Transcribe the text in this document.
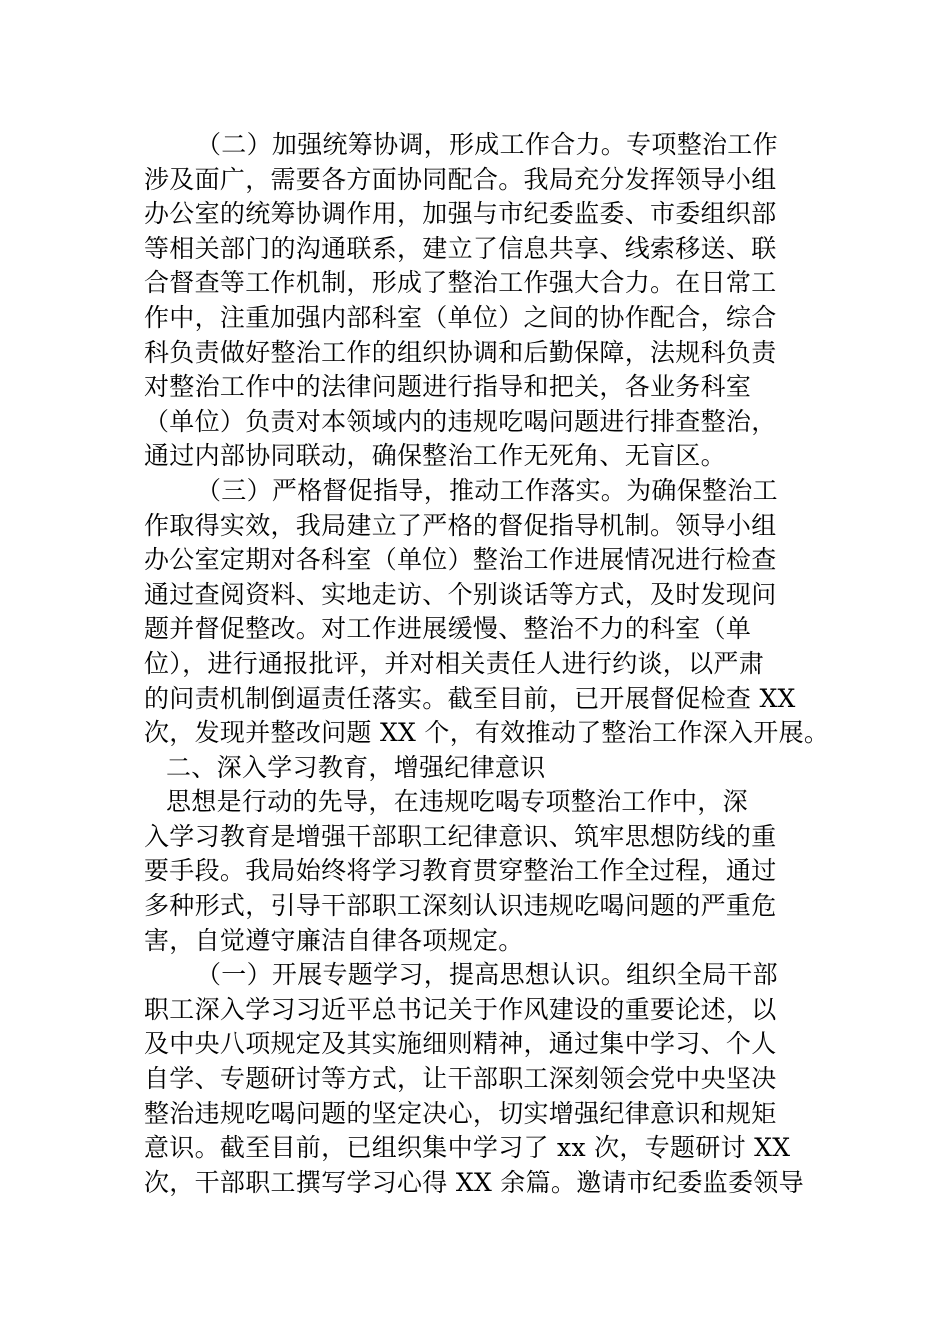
（二）加强统筹协调，形成工作合力。专项整治工作
涉及面广，需要各方面协同配合。我局充分发挥领导小组
办公室的统筹协调作用，加强与市纪委监委、市委组织部
等相关部门的沟通联系，建立了信息共享、线索移送、联
合督查等工作机制，形成了整治工作强大合力。在日常工
作中，注重加强内部科室（单位）之间的协作配合，综合
科负责做好整治工作的组织协调和后勤保障，法规科负责
对整治工作中的法律问题进行指导和把关，各业务科室
（单位）负责对本领域内的违规吃喝问题进行排查整治，
通过内部协同联动，确保整治工作无死角、无盲区。
（三）严格督促指导，推动工作落实。为确保整治工
作取得实效，我局建立了严格的督促指导机制。领导小组
办公室定期对各科室（单位）整治工作进展情况进行检查
通过查阅资料、实地走访、个别谈话等方式，及时发现问
题并督促整改。对工作进展缓慢、整治不力的科室（单
位），进行通报批评，并对相关责任人进行约谈，以严肃
的问责机制倒逼责任落实。截至目前，已开展督促检查 XX
次，发现并整改问题 XX 个，有效推动了整治工作深入开展。
二、深入学习教育，增强纪律意识
思想是行动的先导，在违规吃喝专项整治工作中，深
入学习教育是增强干部职工纪律意识、筑牢思想防线的重
要手段。我局始终将学习教育贯穿整治工作全过程，通过
多种形式，引导干部职工深刻认识违规吃喝问题的严重危
害，自觉遵守廉洁自律各项规定。
（一）开展专题学习，提高思想认识。组织全局干部
职工深入学习习近平总书记关于作风建设的重要论述，以
及中央八项规定及其实施细则精神，通过集中学习、个人
自学、专题研讨等方式，让干部职工深刻领会党中央坚决
整治违规吃喝问题的坚定决心，切实增强纪律意识和规矩
意识。截至目前，已组织集中学习了 xx 次，专题研讨 XX
次，干部职工撰写学习心得 XX 余篇。邀请市纪委监委领导
